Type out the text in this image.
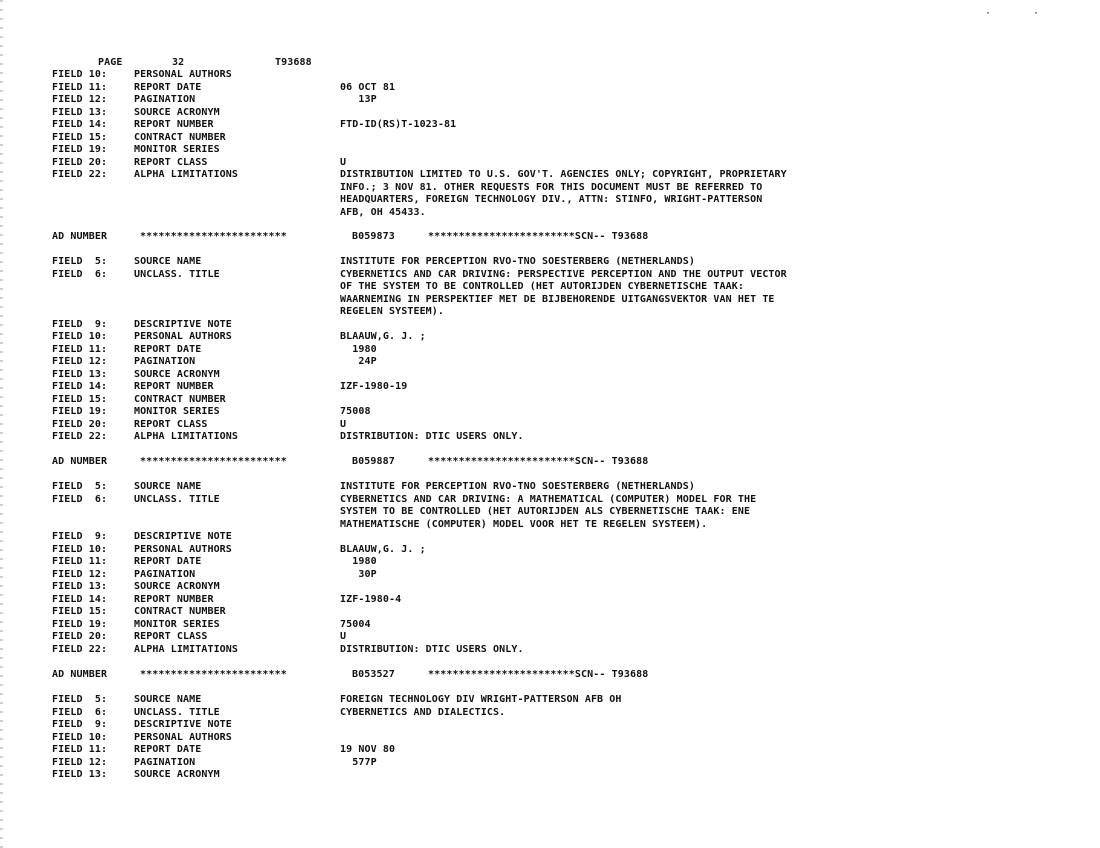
˙	˙

PAGE

	32

	T93688

FIELD 10:	PERSONAL AUTHORS
FIELD 11:	REPORT DATE	06 OCT 81
FIELD 12:	PAGINATION	13P
FIELD 13:	SOURCE ACRONYM
FIELD 14:	REPORT NUMBER	FTD-ID(RS)T-1023-81
FIELD 15:	CONTRACT NUMBER
FIELD 19:	MONITOR SERIES
FIELD 20:	REPORT CLASS	U
FIELD 22:	ALPHA LIMITATIONS	DISTRIBUTION LIMITED TO U.S. GOV'T. AGENCIES ONLY; COPYRIGHT, PROPRIETARY
INFO.; 3 NOV 81. OTHER REQUESTS FOR THIS DOCUMENT MUST BE REFERRED TO
HEADQUARTERS, FOREIGN TECHNOLOGY DIV., ATTN: STINFO, WRIGHT-PATTERSON
AFB, OH 45433.
AD NUMBER	************************	B059873	************************SCN-- T93688
FIELD  5:	SOURCE NAME	INSTITUTE FOR PERCEPTION RVO-TNO SOESTERBERG (NETHERLANDS)
FIELD  6:	UNCLASS. TITLE	CYBERNETICS AND CAR DRIVING: PERSPECTIVE PERCEPTION AND THE OUTPUT VECTOR
OF THE SYSTEM TO BE CONTROLLED (HET AUTORIJDEN CYBERNETISCHE TAAK:
WAARNEMING IN PERSPEKTIEF MET DE BIJBEHORENDE UITGANGSVEKTOR VAN HET TE
REGELEN SYSTEEM).
FIELD  9:	DESCRIPTIVE NOTE
FIELD 10:	PERSONAL AUTHORS	BLAAUW,G. J. ;
FIELD 11:	REPORT DATE	1980
FIELD 12:	PAGINATION	24P
FIELD 13:	SOURCE ACRONYM
FIELD 14:	REPORT NUMBER	IZF-1980-19
FIELD 15:	CONTRACT NUMBER
FIELD 19:	MONITOR SERIES	75008
FIELD 20:	REPORT CLASS	U
FIELD 22:	ALPHA LIMITATIONS	DISTRIBUTION: DTIC USERS ONLY.
AD NUMBER	************************	B059887	************************SCN-- T93688
FIELD  5:	SOURCE NAME	INSTITUTE FOR PERCEPTION RVO-TNO SOESTERBERG (NETHERLANDS)
FIELD  6:	UNCLASS. TITLE	CYBERNETICS AND CAR DRIVING: A MATHEMATICAL (COMPUTER) MODEL FOR THE
SYSTEM TO BE CONTROLLED (HET AUTORIJDEN ALS CYBERNETISCHE TAAK: ENE
MATHEMATISCHE (COMPUTER) MODEL VOOR HET TE REGELEN SYSTEEM).
FIELD  9:	DESCRIPTIVE NOTE
FIELD 10:	PERSONAL AUTHORS	BLAAUW,G. J. ;
FIELD 11:	REPORT DATE	1980
FIELD 12:	PAGINATION	30P
FIELD 13:	SOURCE ACRONYM
FIELD 14:	REPORT NUMBER	IZF-1980-4
FIELD 15:	CONTRACT NUMBER
FIELD 19:	MONITOR SERIES	75004
FIELD 20:	REPORT CLASS	U
FIELD 22:	ALPHA LIMITATIONS	DISTRIBUTION: DTIC USERS ONLY.
AD NUMBER	************************	B053527	************************SCN-- T93688
FIELD  5:	SOURCE NAME	FOREIGN TECHNOLOGY DIV WRIGHT-PATTERSON AFB OH
FIELD  6:	UNCLASS. TITLE	CYBERNETICS AND DIALECTICS.
FIELD  9:	DESCRIPTIVE NOTE
FIELD 10:	PERSONAL AUTHORS
FIELD 11:	REPORT DATE	19 NOV 80
FIELD 12:	PAGINATION	577P
FIELD 13:	SOURCE ACRONYM
